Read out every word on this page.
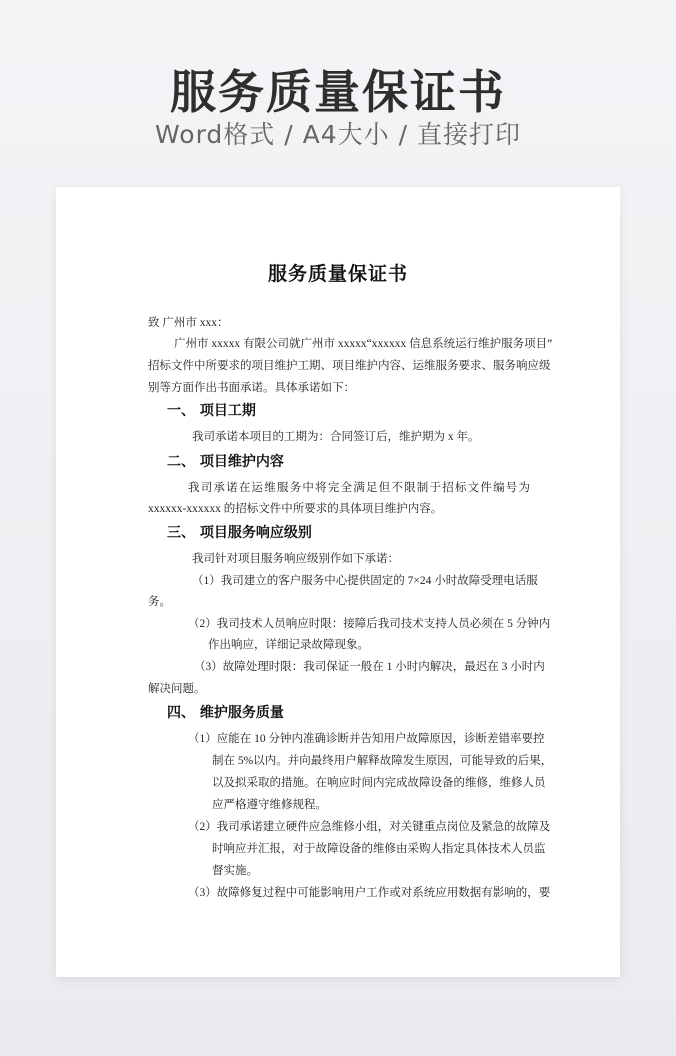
服务质量保证书
Word格式 / A4大小 / 直接打印
服务质量保证书
致 广州市 xxx：
广州市 xxxxx 有限公司就广州市 xxxxx“xxxxxx 信息系统运行维护服务项目”
招标文件中所要求的项目维护工期、项目维护内容、运维服务要求、服务响应级
别等方面作出书面承诺。具体承诺如下：
一、 项目工期
我司承诺本项目的工期为：合同签订后，维护期为 x 年。
二、 项目维护内容
我司承诺在运维服务中将完全满足但不限制于招标文件编号为
xxxxxx-xxxxxx 的招标文件中所要求的具体项目维护内容。
三、 项目服务响应级别
我司针对项目服务响应级别作如下承诺：
（1）我司建立的客户服务中心提供固定的 7×24 小时故障受理电话服
务。
（2）我司技术人员响应时限：接障后我司技术支持人员必须在 5 分钟内
作出响应，详细记录故障现象。
（3）故障处理时限：我司保证一般在 1 小时内解决，最迟在 3 小时内
解决问题。
四、 维护服务质量
（1）应能在 10 分钟内准确诊断并告知用户故障原因，诊断差错率要控
制在 5%以内。并向最终用户解释故障发生原因，可能导致的后果，
以及拟采取的措施。在响应时间内完成故障设备的维修，维修人员
应严格遵守维修规程。
（2）我司承诺建立硬件应急维修小组，对关键重点岗位及紧急的故障及
时响应并汇报，对于故障设备的维修由采购人指定具体技术人员监
督实施。
（3）故障修复过程中可能影响用户工作或对系统应用数据有影响的，要
